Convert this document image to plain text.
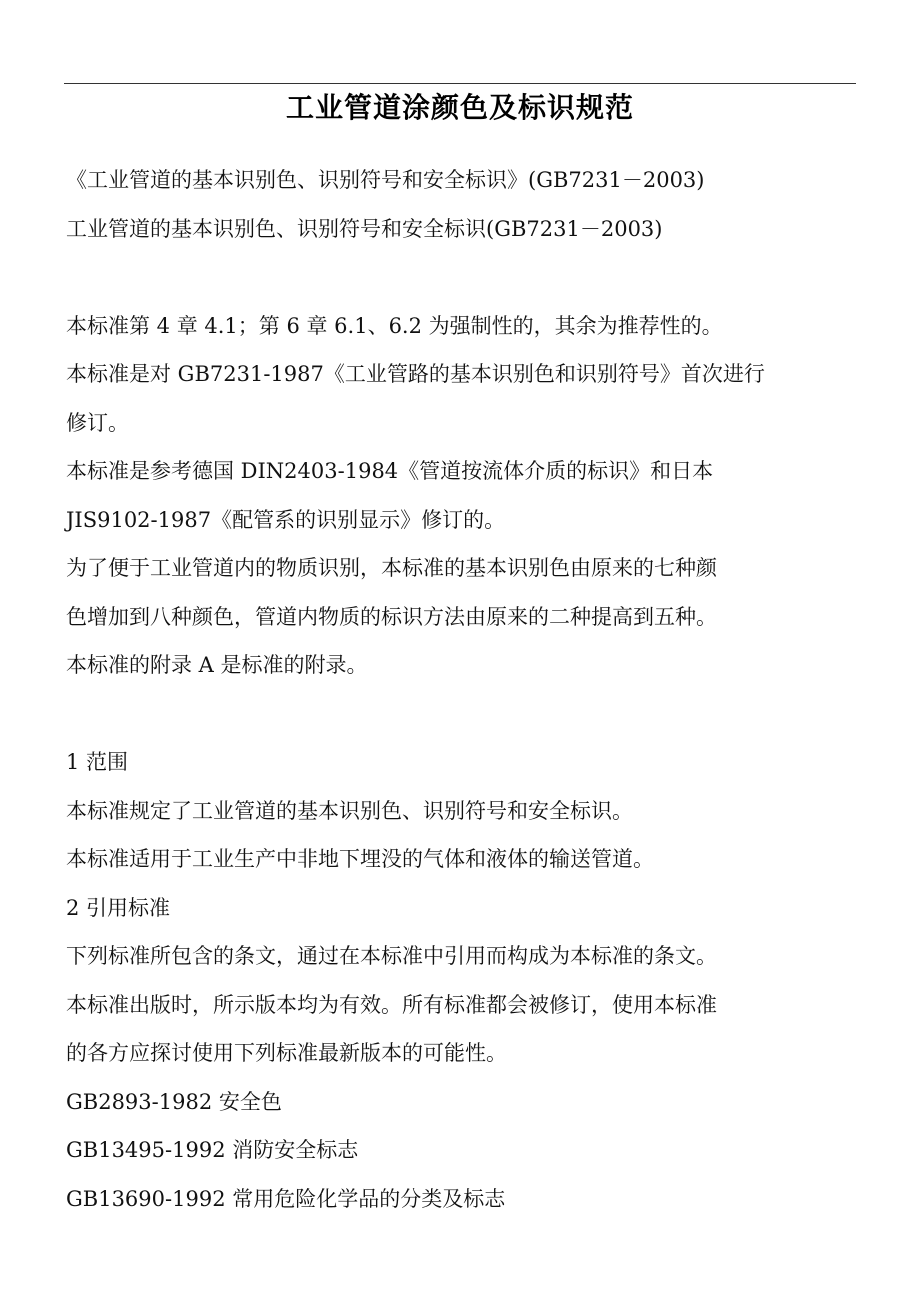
工业管道涂颜色及标识规范
《工业管道的基本识别色、识别符号和安全标识》(GB7231－2003)
工业管道的基本识别色、识别符号和安全标识(GB7231－2003)
本标准第 4 章 4.1；第 6 章 6.1、6.2 为强制性的，其余为推荐性的。
本标准是对 GB7231-1987《工业管路的基本识别色和识别符号》首次进行
修订。
本标准是参考德国 DIN2403-1984《管道按流体介质的标识》和日本
JIS9102-1987《配管系的识别显示》修订的。
为了便于工业管道内的物质识别，本标准的基本识别色由原来的七种颜
色增加到八种颜色，管道内物质的标识方法由原来的二种提高到五种。
本标准的附录 A 是标准的附录。
1 范围
本标准规定了工业管道的基本识别色、识别符号和安全标识。
本标准适用于工业生产中非地下埋没的气体和液体的输送管道。
2 引用标准
下列标准所包含的条文，通过在本标准中引用而构成为本标准的条文。
本标准出版时，所示版本均为有效。所有标准都会被修订，使用本标准
的各方应探讨使用下列标准最新版本的可能性。
GB2893-1982 安全色
GB13495-1992 消防安全标志
GB13690-1992 常用危险化学品的分类及标志
